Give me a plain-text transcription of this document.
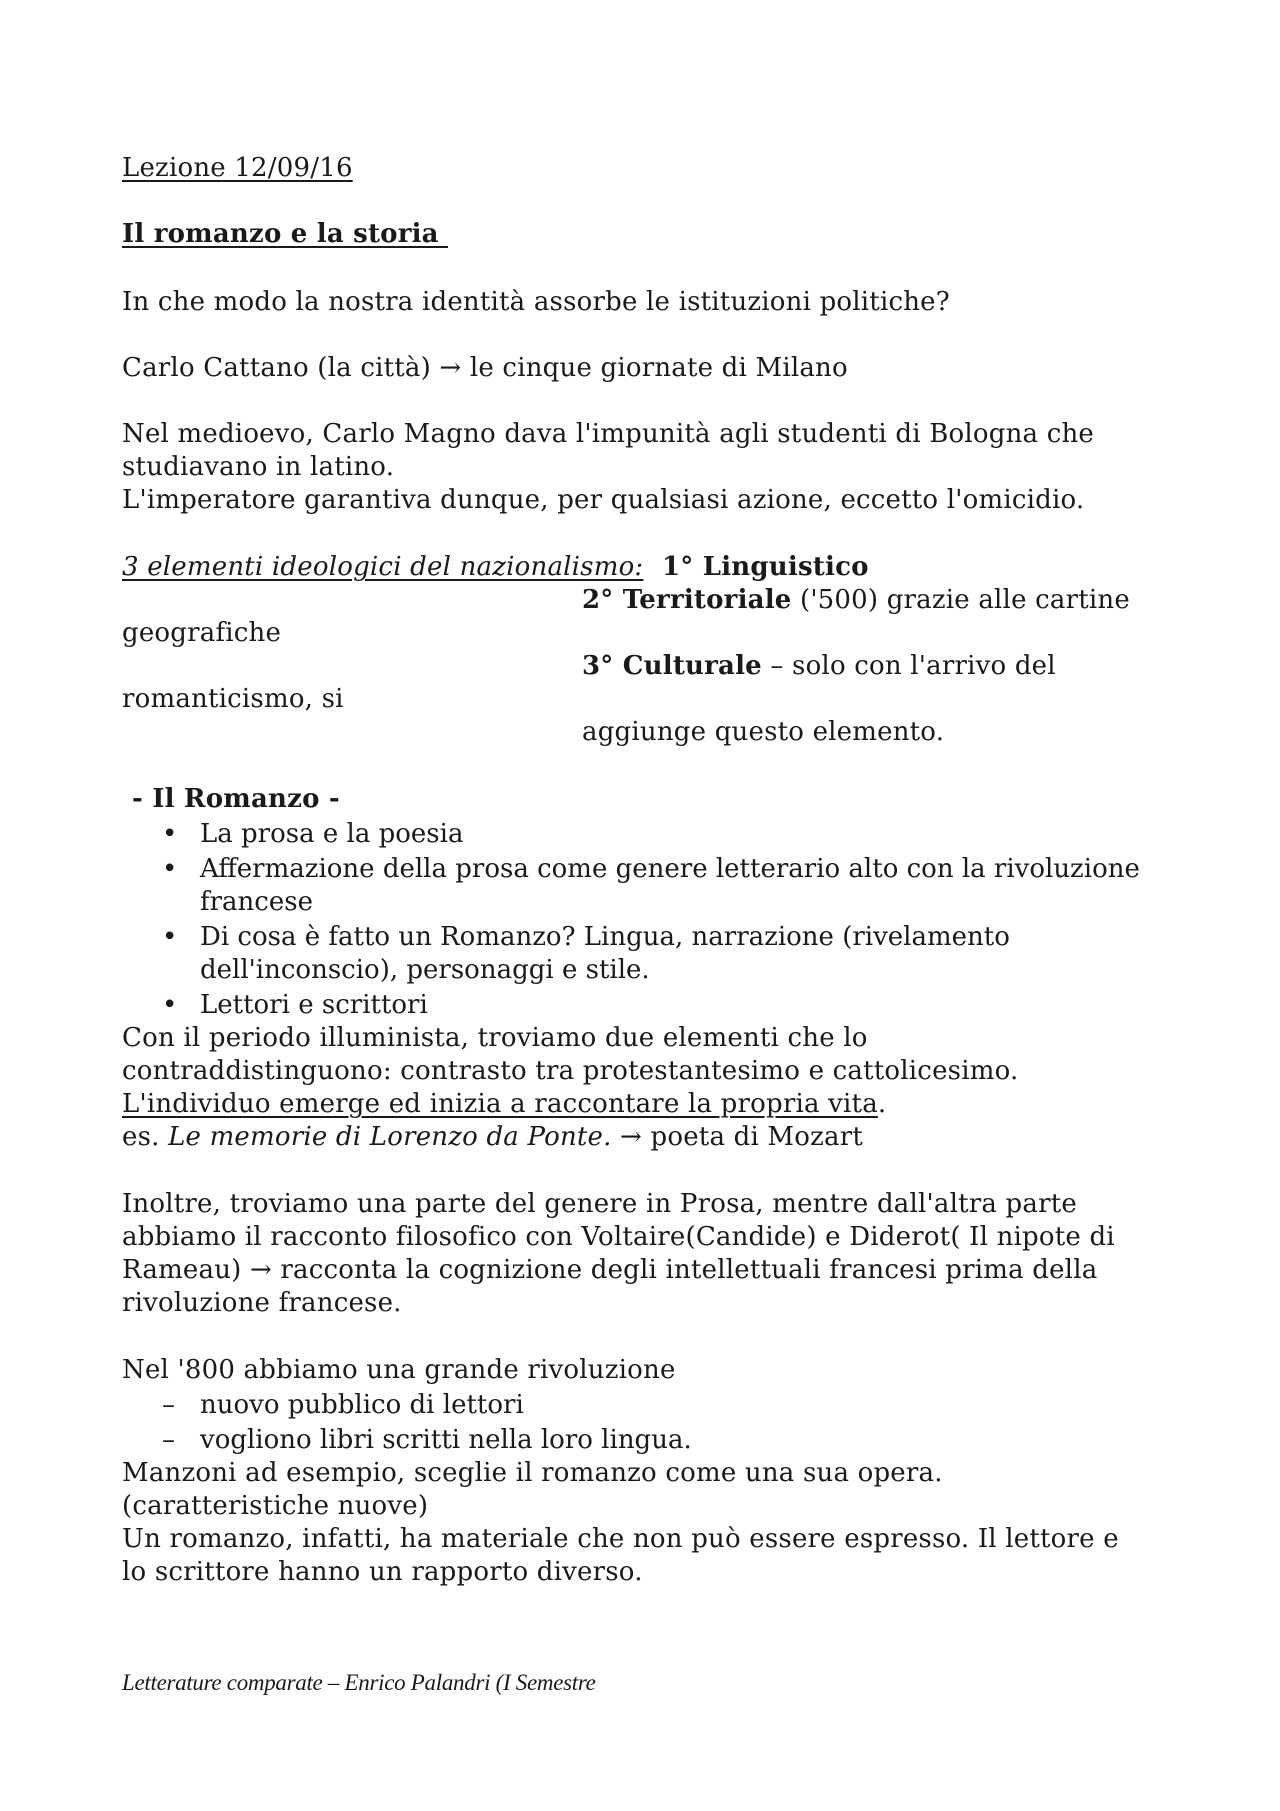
Lezione 12/09/16
Il romanzo e la storia
In che modo la nostra identità assorbe le istituzioni politiche?
Carlo Cattano (la città) → le cinque giornate di Milano
Nel medioevo, Carlo Magno dava l'impunità agli studenti di Bologna che
studiavano in latino.
L'imperatore garantiva dunque, per qualsiasi azione, eccetto l'omicidio.
3 elementi ideologici del nazionalismo: 1° Linguistico
2° Territoriale ('500) grazie alle cartine
geografiche
3° Culturale – solo con l'arrivo del
romanticismo, si
aggiunge questo elemento.
- Il Romanzo -
• La prosa e la poesia
• Affermazione della prosa come genere letterario alto con la rivoluzione
francese
• Di cosa è fatto un Romanzo? Lingua, narrazione (rivelamento
dell'inconscio), personaggi e stile.
• Lettori e scrittori
Con il periodo illuminista, troviamo due elementi che lo
contraddistinguono: contrasto tra protestantesimo e cattolicesimo.
L'individuo emerge ed inizia a raccontare la propria vita.
es. Le memorie di Lorenzo da Ponte. → poeta di Mozart
Inoltre, troviamo una parte del genere in Prosa, mentre dall'altra parte
abbiamo il racconto filosofico con Voltaire(Candide) e Diderot( Il nipote di
Rameau) → racconta la cognizione degli intellettuali francesi prima della
rivoluzione francese.
Nel '800 abbiamo una grande rivoluzione
– nuovo pubblico di lettori
– vogliono libri scritti nella loro lingua.
Manzoni ad esempio, sceglie il romanzo come una sua opera.
(caratteristiche nuove)
Un romanzo, infatti, ha materiale che non può essere espresso. Il lettore e
lo scrittore hanno un rapporto diverso.
Letterature comparate – Enrico Palandri (I Semestre
